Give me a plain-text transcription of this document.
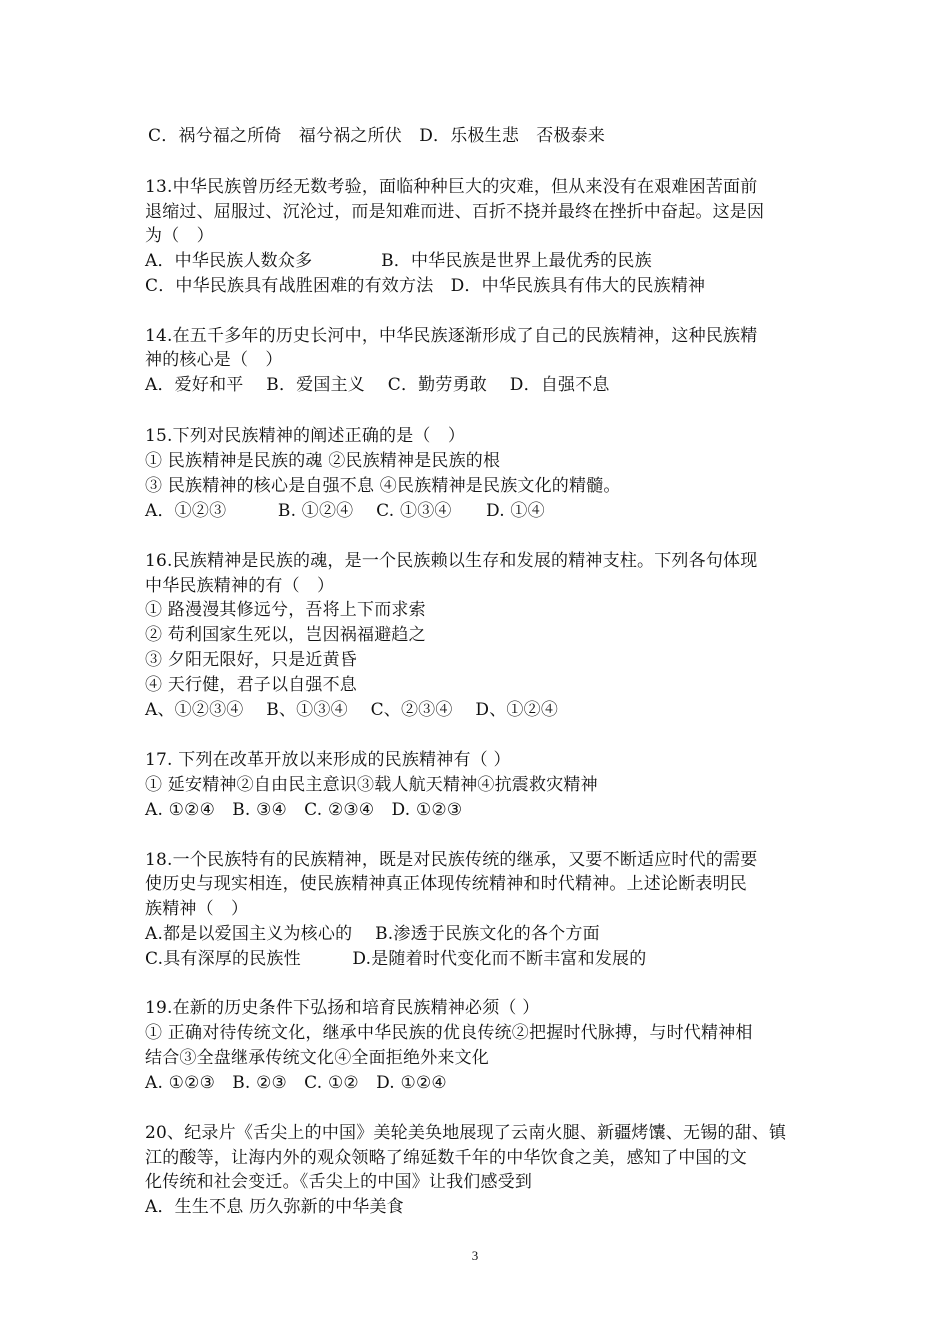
C．祸兮福之所倚　福兮祸之所伏　D．乐极生悲　否极泰来
13.中华民族曾历经无数考验，面临种种巨大的灾难，但从来没有在艰难困苦面前
退缩过、屈服过、沉沦过，而是知难而进、百折不挠并最终在挫折中奋起。这是因
为（　）
A．中华民族人数众多　　　　B．中华民族是世界上最优秀的民族
C．中华民族具有战胜困难的有效方法　D．中华民族具有伟大的民族精神
14.在五千多年的历史长河中，中华民族逐渐形成了自己的民族精神，这种民族精
神的核心是（　）
A．爱好和平　 B．爱国主义　 C．勤劳勇敢　 D．自强不息
15.下列对民族精神的阐述正确的是（　）
① 民族精神是民族的魂 ②民族精神是民族的根
③ 民族精神的核心是自强不息 ④民族精神是民族文化的精髓。
A．①②③　　　B. ①②④　 C. ①③④　　D. ①④
16.民族精神是民族的魂，是一个民族赖以生存和发展的精神支柱。下列各句体现
中华民族精神的有（　）
① 路漫漫其修远兮，吾将上下而求索
② 苟利国家生死以，岂因祸福避趋之
③ 夕阳无限好，只是近黄昏
④ 天行健，君子以自强不息
A、①②③④　 B、①③④　 C、②③④　 D、①②④
17. 下列在改革开放以来形成的民族精神有（ ）
① 延安精神②自由民主意识③载人航天精神④抗震救灾精神
A. ①②④　B. ③④　C. ②③④　D. ①②③
18.一个民族特有的民族精神，既是对民族传统的继承，又要不断适应时代的需要
使历史与现实相连，使民族精神真正体现传统精神和时代精神。上述论断表明民
族精神（　）
A.都是以爱国主义为核心的　 B.渗透于民族文化的各个方面
C.具有深厚的民族性　　　D.是随着时代变化而不断丰富和发展的
19.在新的历史条件下弘扬和培育民族精神必须（ ）
① 正确对待传统文化，继承中华民族的优良传统②把握时代脉搏，与时代精神相
结合③全盘继承传统文化④全面拒绝外来文化
A. ①②③　B. ②③　C. ①②　D. ①②④
20、纪录片《舌尖上的中国》美轮美奂地展现了云南火腿、新疆烤馕、无锡的甜、镇
江的酸等，让海内外的观众领略了绵延数千年的中华饮食之美，感知了中国的文
化传统和社会变迁。《舌尖上的中国》让我们感受到
A．生生不息 历久弥新的中华美食
3
